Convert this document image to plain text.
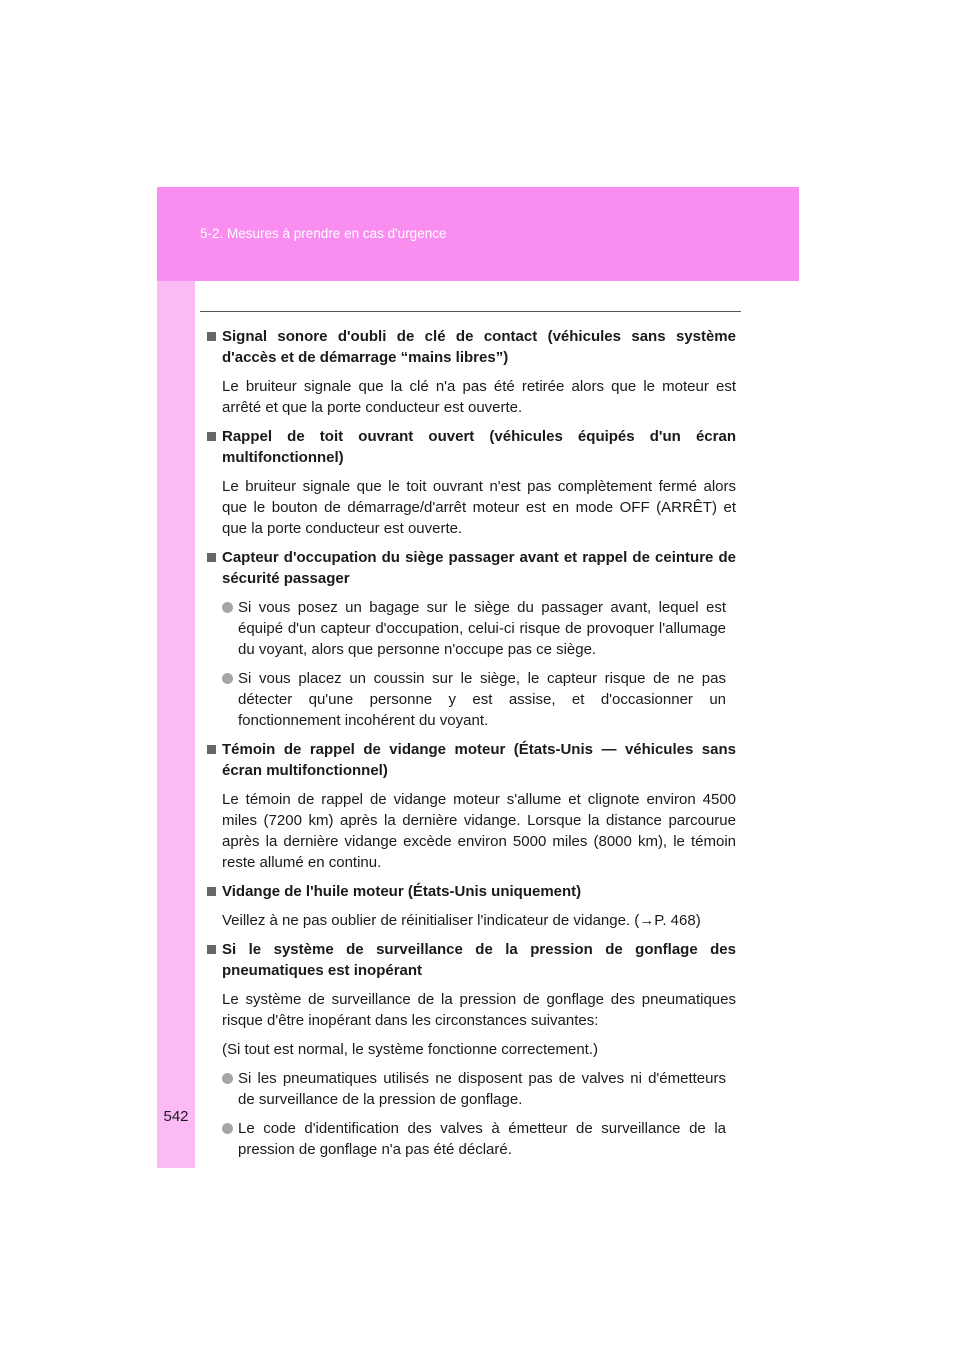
5-2. Mesures à prendre en cas d'urgence
542
Signal sonore d'oubli de clé de contact (véhicules sans système d'accès et de démarrage “mains libres”)

Le bruiteur signale que la clé n'a pas été retirée alors que le moteur est arrêté et que la porte conducteur est ouverte.

Rappel de toit ouvrant ouvert (véhicules équipés d'un écran multifonctionnel)

Le bruiteur signale que le toit ouvrant n'est pas complètement fermé alors que le bouton de démarrage/d'arrêt moteur est en mode OFF (ARRÊT) et que la porte conducteur est ouverte.

Capteur d'occupation du siège passager avant et rappel de ceinture de sécurité passager

Si vous posez un bagage sur le siège du passager avant, lequel est équipé d'un capteur d'occupation, celui-ci risque de provoquer l'allumage du voyant, alors que personne n'occupe pas ce siège.

Si vous placez un coussin sur le siège, le capteur risque de ne pas détecter qu'une personne y est assise, et d'occasionner un fonctionnement incohérent du voyant.

Témoin de rappel de vidange moteur (États-Unis — véhicules sans écran multifonctionnel)

Le témoin de rappel de vidange moteur s'allume et clignote environ 4500 miles (7200 km) après la dernière vidange. Lorsque la distance parcourue après la dernière vidange excède environ 5000 miles (8000 km), le témoin reste allumé en continu.

Vidange de l'huile moteur (États-Unis uniquement)

Veillez à ne pas oublier de réinitialiser l'indicateur de vidange. (→P. 468)

Si le système de surveillance de la pression de gonflage des pneumatiques est inopérant

Le système de surveillance de la pression de gonflage des pneumatiques risque d'être inopérant dans les circonstances suivantes:

(Si tout est normal, le système fonctionne correctement.)

Si les pneumatiques utilisés ne disposent pas de valves ni d'émetteurs de surveillance de la pression de gonflage.

Le code d'identification des valves à émetteur de surveillance de la pression de gonflage n'a pas été déclaré.
